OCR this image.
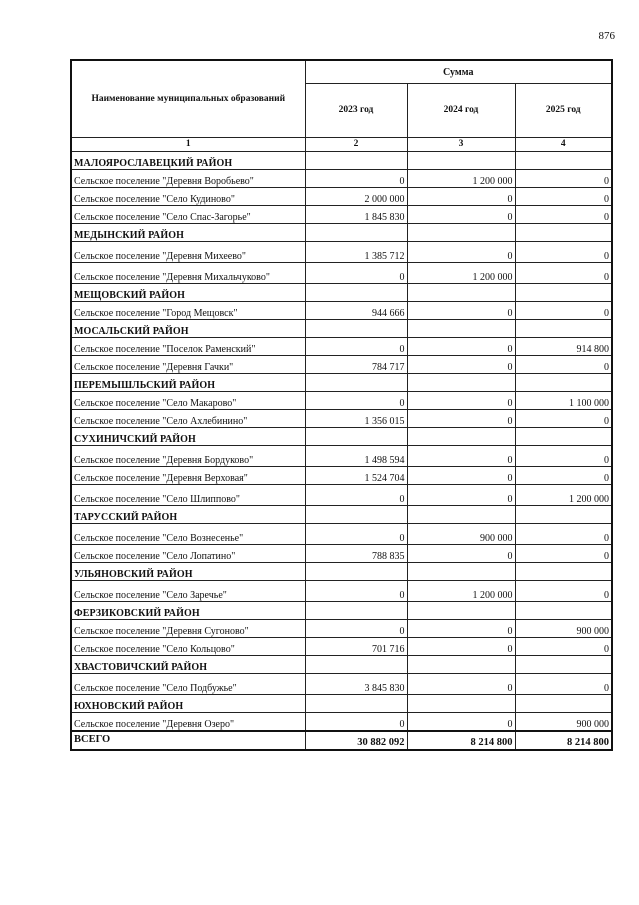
876
Наименование муниципальных образований	Сумма		
	2023 год	2024 год	2025 год
1	2	3	4
МАЛОЯРОСЛАВЕЦКИЙ РАЙОН			
Сельское поселение "Деревня Воробьево"	0	1 200 000	0
Сельское поселение "Село Кудиново"	2 000 000	0	0
Сельское поселение "Село Спас-Загорье"	1 845 830	0	0
МЕДЫНСКИЙ РАЙОН			
Сельское поселение "Деревня Михеево"	1 385 712	0	0
Сельское поселение "Деревня Михальчуково"	0	1 200 000	0
МЕЩОВСКИЙ РАЙОН			
Сельское поселение "Город Мещовск"	944 666	0	0
МОСАЛЬСКИЙ РАЙОН			
Сельское поселение "Поселок Раменский"	0	0	914 800
Сельское поселение "Деревня Гачки"	784 717	0	0
ПЕРЕМЫШЛЬСКИЙ РАЙОН			
Сельское поселение "Село Макарово"	0	0	1 100 000
Сельское поселение "Село Ахлебинино"	1 356 015	0	0
СУХИНИЧСКИЙ РАЙОН			
Сельское поселение "Деревня Бордуково"	1 498 594	0	0
Сельское поселение "Деревня Верховая"	1 524 704	0	0
Сельское поселение "Село Шлиппово"	0	0	1 200 000
ТАРУССКИЙ РАЙОН			
Сельское поселение "Село Вознесенье"	0	900 000	0
Сельское поселение "Село Лопатино"	788 835	0	0
УЛЬЯНОВСКИЙ РАЙОН			
Сельское поселение "Село Заречье"	0	1 200 000	0
ФЕРЗИКОВСКИЙ РАЙОН			
Сельское поселение "Деревня Сугоново"	0	0	900 000
Сельское поселение "Село Кольцово"	701 716	0	0
ХВАСТОВИЧСКИЙ РАЙОН			
Сельское поселение "Село Подбужье"	3 845 830	0	0
ЮХНОВСКИЙ РАЙОН			
Сельское поселение "Деревня Озеро"	0	0	900 000
ВСЕГО	30 882 092	8 214 800	8 214 800
